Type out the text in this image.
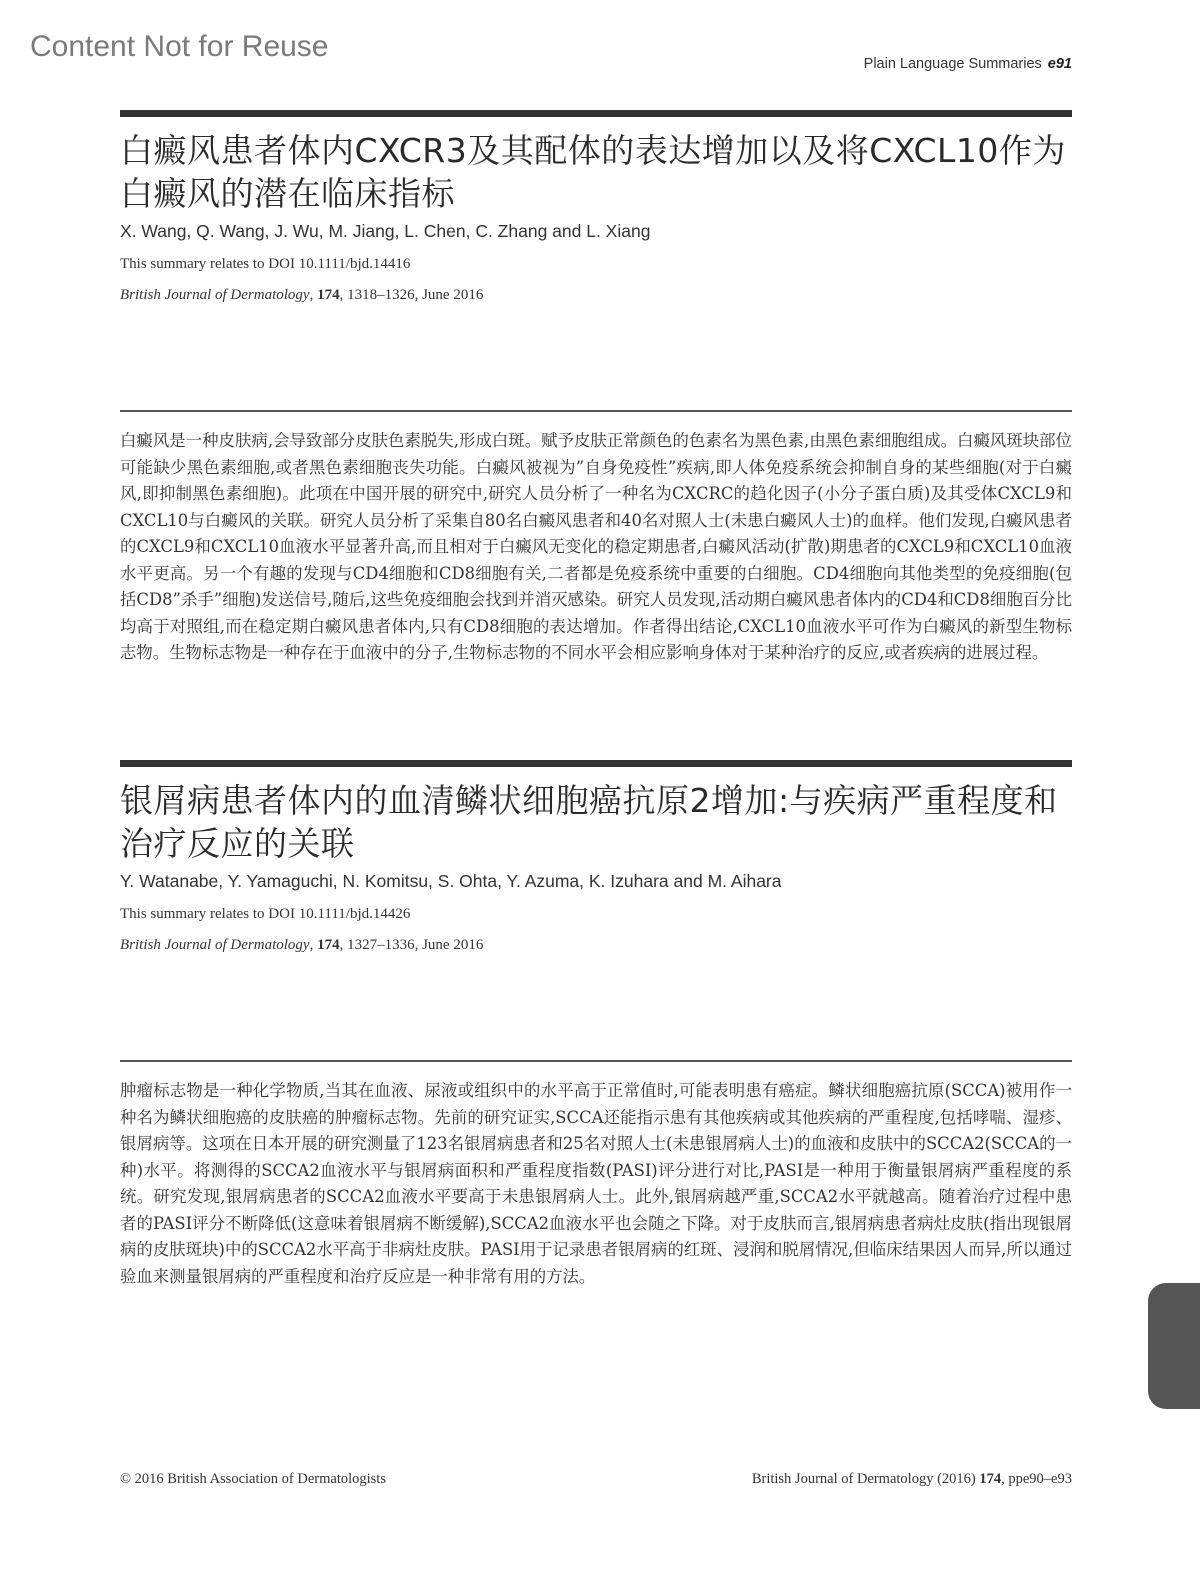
Content Not for Reuse
Plain Language Summaries e91
白癜风患者体内CXCR3及其配体的表达增加以及将CXCL10作为白癜风的潜在临床指标
X. Wang, Q. Wang, J. Wu, M. Jiang, L. Chen, C. Zhang and L. Xiang
This summary relates to DOI 10.1111/bjd.14416
British Journal of Dermatology, 174, 1318–1326, June 2016

白癜风是一种皮肤病,会导致部分皮肤色素脱失,形成白斑。赋予皮肤正常颜色的色素名为黑色素,由黑色素细胞组成。白癜风斑块部位可能缺少黑色素细胞,或者黑色素细胞丧失功能。白癜风被视为”自身免疫性”疾病,即人体免疫系统会抑制自身的某些细胞(对于白癜风,即抑制黑色素细胞)。此项在中国开展的研究中,研究人员分析了一种名为CXCRC的趋化因子(小分子蛋白质)及其受体CXCL9和CXCL10与白癜风的关联。研究人员分析了采集自80名白癜风患者和40名对照人士(未患白癜风人士)的血样。他们发现,白癜风患者的CXCL9和CXCL10血液水平显著升高,而且相对于白癜风无变化的稳定期患者,白癜风活动(扩散)期患者的CXCL9和CXCL10血液水平更高。另一个有趣的发现与CD4细胞和CD8细胞有关,二者都是免疫系统中重要的白细胞。CD4细胞向其他类型的免疫细胞(包括CD8”杀手”细胞)发送信号,随后,这些免疫细胞会找到并消灭感染。研究人员发现,活动期白癜风患者体内的CD4和CD8细胞百分比均高于对照组,而在稳定期白癜风患者体内,只有CD8细胞的表达增加。作者得出结论,CXCL10血液水平可作为白癜风的新型生物标志物。生物标志物是一种存在于血液中的分子,生物标志物的不同水平会相应影响身体对于某种治疗的反应,或者疾病的进展过程。

银屑病患者体内的血清鳞状细胞癌抗原2增加:与疾病严重程度和治疗反应的关联
Y. Watanabe, Y. Yamaguchi, N. Komitsu, S. Ohta, Y. Azuma, K. Izuhara and M. Aihara
This summary relates to DOI 10.1111/bjd.14426
British Journal of Dermatology, 174, 1327–1336, June 2016

肿瘤标志物是一种化学物质,当其在血液、尿液或组织中的水平高于正常值时,可能表明患有癌症。鳞状细胞癌抗原(SCCA)被用作一种名为鳞状细胞癌的皮肤癌的肿瘤标志物。先前的研究证实,SCCA还能指示患有其他疾病或其他疾病的严重程度,包括哮喘、湿疹、银屑病等。这项在日本开展的研究测量了123名银屑病患者和25名对照人士(未患银屑病人士)的血液和皮肤中的SCCA2(SCCA的一种)水平。将测得的SCCA2血液水平与银屑病面积和严重程度指数(PASI)评分进行对比,PASI是一种用于衡量银屑病严重程度的系统。研究发现,银屑病患者的SCCA2血液水平要高于未患银屑病人士。此外,银屑病越严重,SCCA2水平就越高。随着治疗过程中患者的PASI评分不断降低(这意味着银屑病不断缓解),SCCA2血液水平也会随之下降。对于皮肤而言,银屑病患者病灶皮肤(指出现银屑病的皮肤斑块)中的SCCA2水平高于非病灶皮肤。PASI用于记录患者银屑病的红斑、浸润和脱屑情况,但临床结果因人而异,所以通过验血来测量银屑病的严重程度和治疗反应是一种非常有用的方法。

© 2016 British Association of Dermatologists	British Journal of Dermatology (2016) 174, ppe90–e93
